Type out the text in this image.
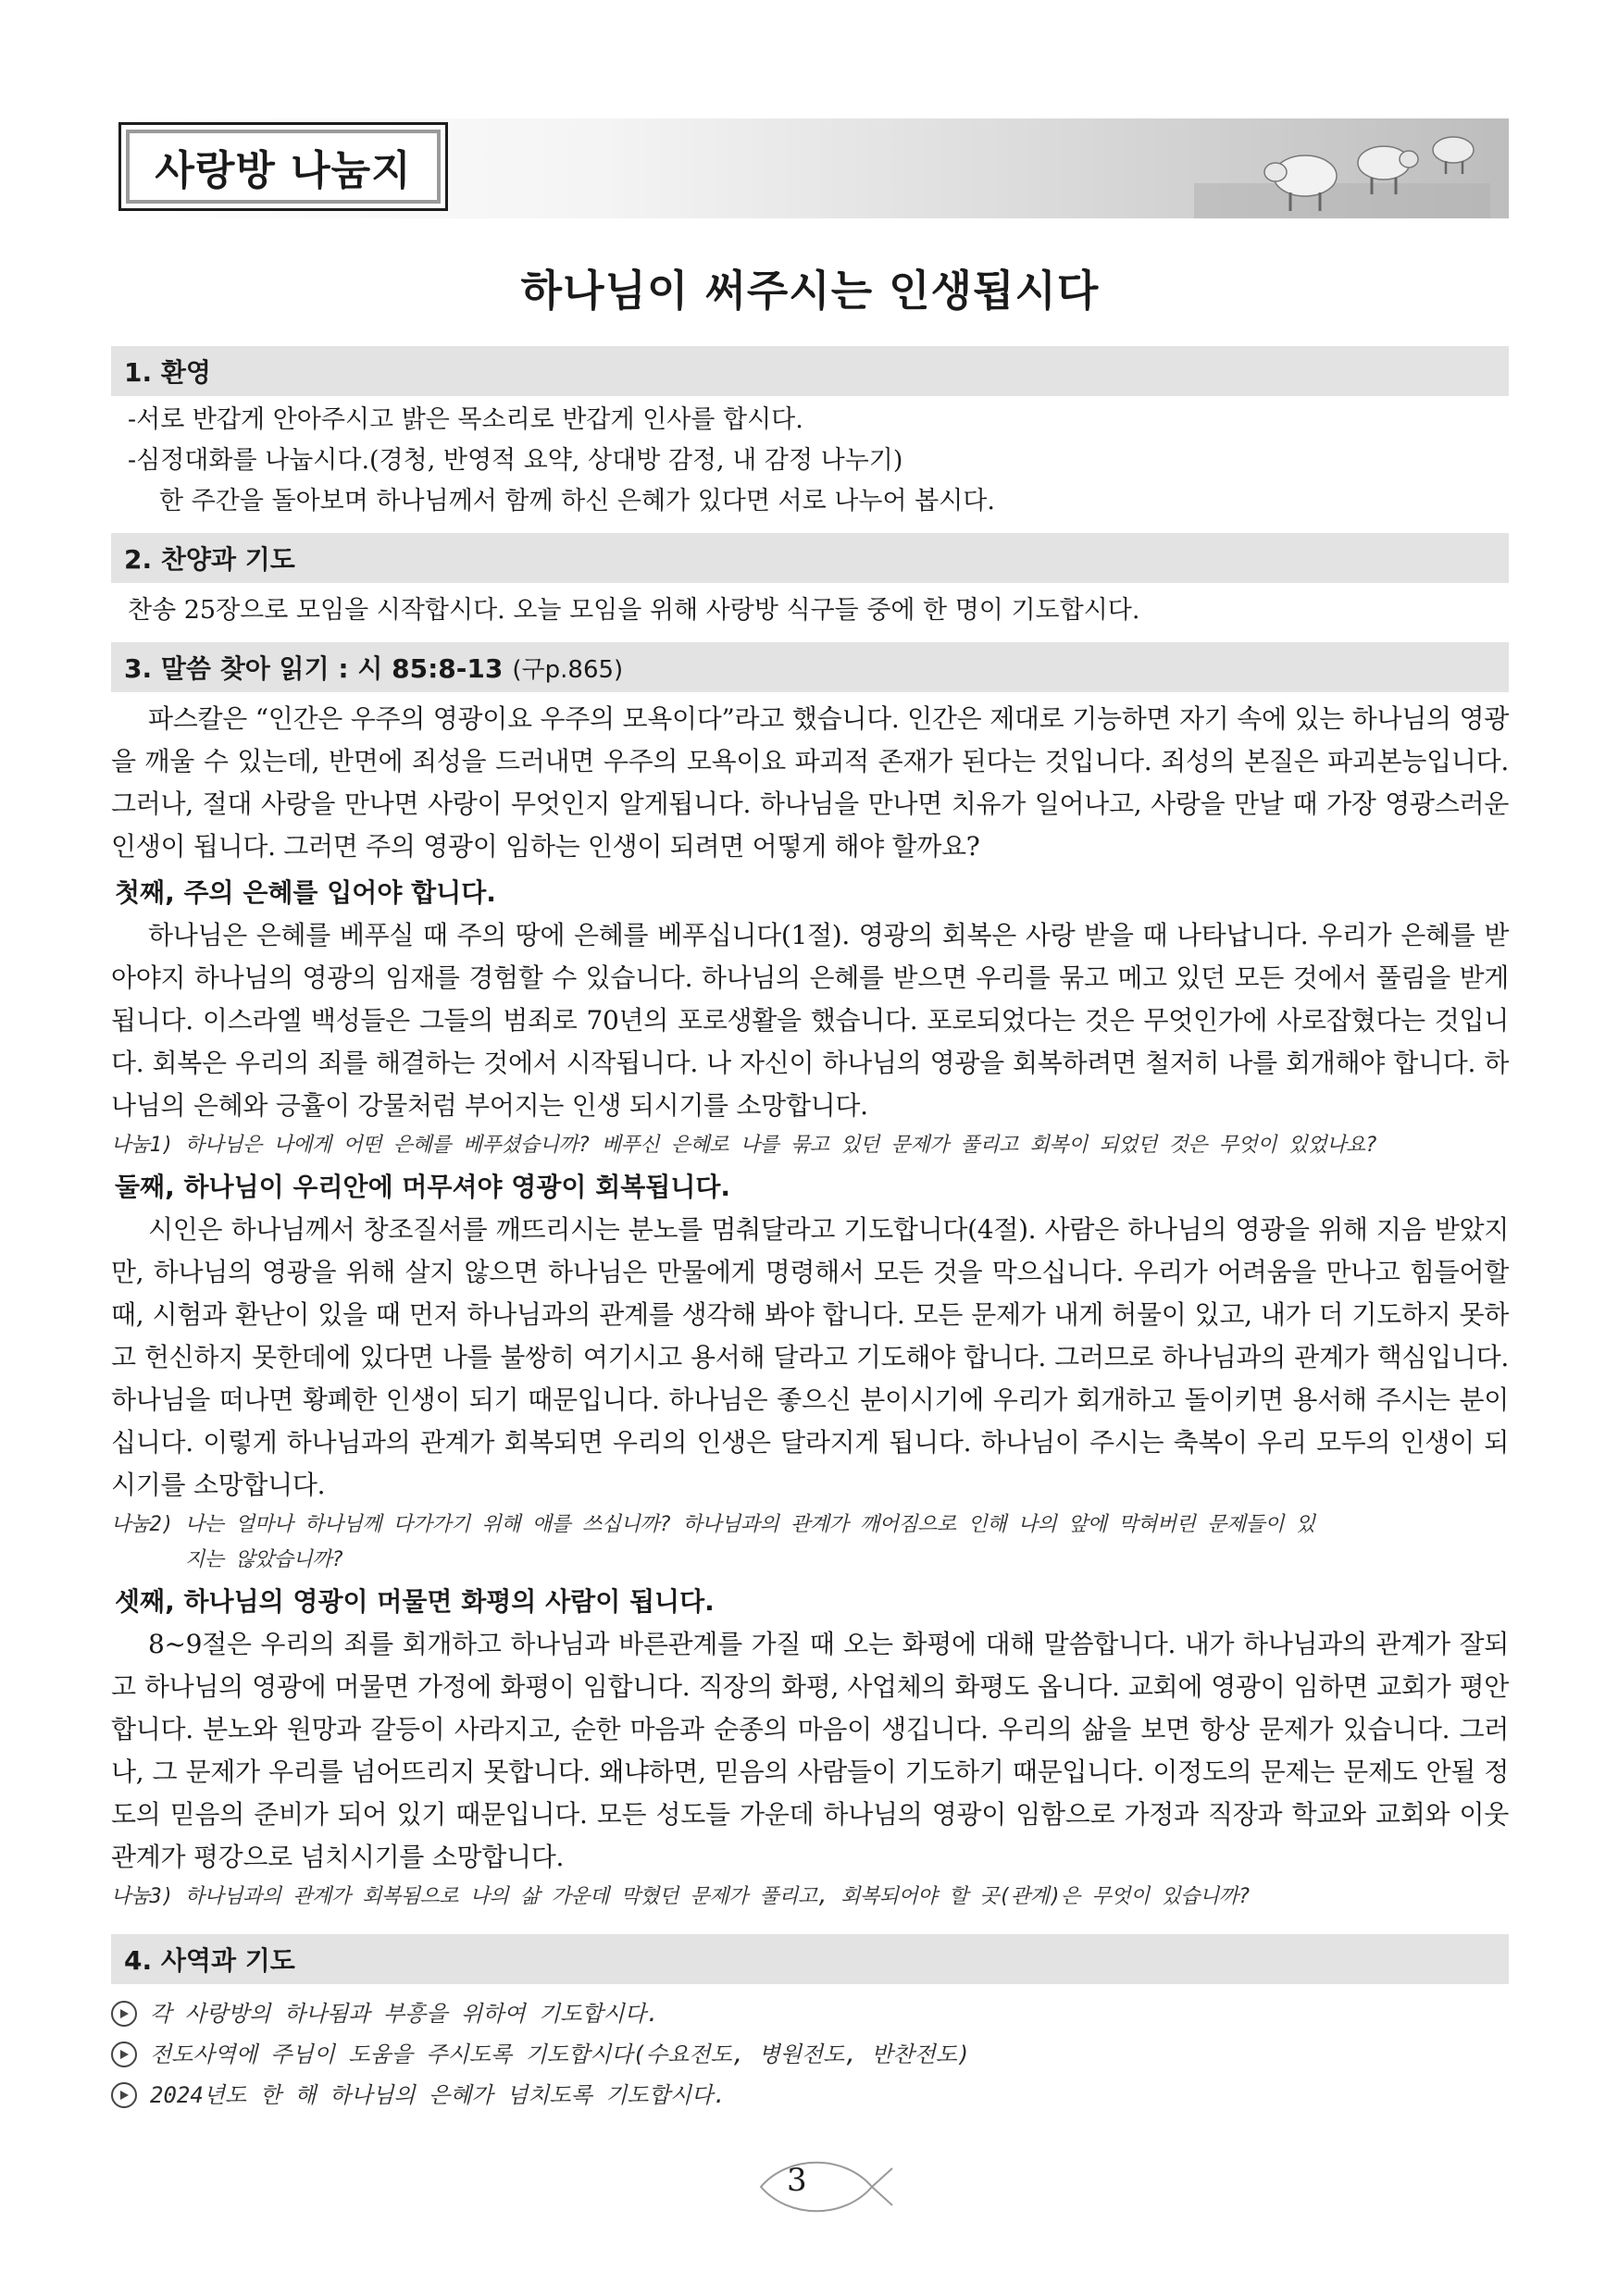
사랑방 나눔지
하나님이 써주시는 인생됩시다
1. 환영
-서로 반갑게 안아주시고 밝은 목소리로 반갑게 인사를 합시다.
-심정대화를 나눕시다.(경청, 반영적 요약, 상대방 감정, 내 감정 나누기)
한 주간을 돌아보며 하나님께서 함께 하신 은혜가 있다면 서로 나누어 봅시다.
2. 찬양과 기도
찬송 25장으로 모임을 시작합시다. 오늘 모임을 위해 사랑방 식구들 중에 한 명이 기도합시다.
3. 말씀 찾아 읽기 : 시 85:8-13 (구p.865)
파스칼은 “인간은 우주의 영광이요 우주의 모욕이다”라고 했습니다. 인간은 제대로 기능하면 자기 속에 있는 하나님의 영광을 깨울 수 있는데, 반면에 죄성을 드러내면 우주의 모욕이요 파괴적 존재가 된다는 것입니다. 죄성의 본질은 파괴본능입니다. 그러나, 절대 사랑을 만나면 사랑이 무엇인지 알게됩니다. 하나님을 만나면 치유가 일어나고, 사랑을 만날 때 가장 영광스러운 인생이 됩니다. 그러면 주의 영광이 임하는 인생이 되려면 어떻게 해야 할까요?
첫째, 주의 은혜를 입어야 합니다.
하나님은 은혜를 베푸실 때 주의 땅에 은혜를 베푸십니다(1절). 영광의 회복은 사랑 받을 때 나타납니다. 우리가 은혜를 받아야지 하나님의 영광의 임재를 경험할 수 있습니다. 하나님의 은혜를 받으면 우리를 묶고 메고 있던 모든 것에서 풀림을 받게 됩니다. 이스라엘 백성들은 그들의 범죄로 70년의 포로생활을 했습니다. 포로되었다는 것은 무엇인가에 사로잡혔다는 것입니다. 회복은 우리의 죄를 해결하는 것에서 시작됩니다. 나 자신이 하나님의 영광을 회복하려면 철저히 나를 회개해야 합니다. 하나님의 은혜와 긍휼이 강물처럼 부어지는 인생 되시기를 소망합니다.
나눔1) 하나님은 나에게 어떤 은혜를 베푸셨습니까? 베푸신 은혜로 나를 묶고 있던 문제가 풀리고 회복이 되었던 것은 무엇이 있었나요?
둘째, 하나님이 우리안에 머무셔야 영광이 회복됩니다.
시인은 하나님께서 창조질서를 깨뜨리시는 분노를 멈춰달라고 기도합니다(4절). 사람은 하나님의 영광을 위해 지음 받았지만, 하나님의 영광을 위해 살지 않으면 하나님은 만물에게 명령해서 모든 것을 막으십니다. 우리가 어려움을 만나고 힘들어할 때, 시험과 환난이 있을 때 먼저 하나님과의 관계를 생각해 봐야 합니다. 모든 문제가 내게 허물이 있고, 내가 더 기도하지 못하고 헌신하지 못한데에 있다면 나를 불쌍히 여기시고 용서해 달라고 기도해야 합니다. 그러므로 하나님과의 관계가 핵심입니다. 하나님을 떠나면 황폐한 인생이 되기 때문입니다. 하나님은 좋으신 분이시기에 우리가 회개하고 돌이키면 용서해 주시는 분이십니다. 이렇게 하나님과의 관계가 회복되면 우리의 인생은 달라지게 됩니다. 하나님이 주시는 축복이 우리 모두의 인생이 되시기를 소망합니다.
나눔2) 나는 얼마나 하나님께 다가가기 위해 애를 쓰십니까? 하나님과의 관계가 깨어짐으로 인해 나의 앞에 막혀버린 문제들이 있
지는 않았습니까?
셋째, 하나님의 영광이 머물면 화평의 사람이 됩니다.
8~9절은 우리의 죄를 회개하고 하나님과 바른관계를 가질 때 오는 화평에 대해 말씀합니다. 내가 하나님과의 관계가 잘되고 하나님의 영광에 머물면 가정에 화평이 임합니다. 직장의 화평, 사업체의 화평도 옵니다. 교회에 영광이 임하면 교회가 평안합니다. 분노와 원망과 갈등이 사라지고, 순한 마음과 순종의 마음이 생깁니다. 우리의 삶을 보면 항상 문제가 있습니다. 그러나, 그 문제가 우리를 넘어뜨리지 못합니다. 왜냐하면, 믿음의 사람들이 기도하기 때문입니다. 이정도의 문제는 문제도 안될 정도의 믿음의 준비가 되어 있기 때문입니다. 모든 성도들 가운데 하나님의 영광이 임함으로 가정과 직장과 학교와 교회와 이웃관계가 평강으로 넘치시기를 소망합니다.
나눔3) 하나님과의 관계가 회복됨으로 나의 삶 가운데 막혔던 문제가 풀리고, 회복되어야 할 곳(관계)은 무엇이 있습니까?
4. 사역과 기도
각 사랑방의 하나됨과 부흥을 위하여 기도합시다.
전도사역에 주님이 도움을 주시도록 기도합시다(수요전도, 병원전도, 반찬전도)
2024년도 한 해 하나님의 은혜가 넘치도록 기도합시다.
3
